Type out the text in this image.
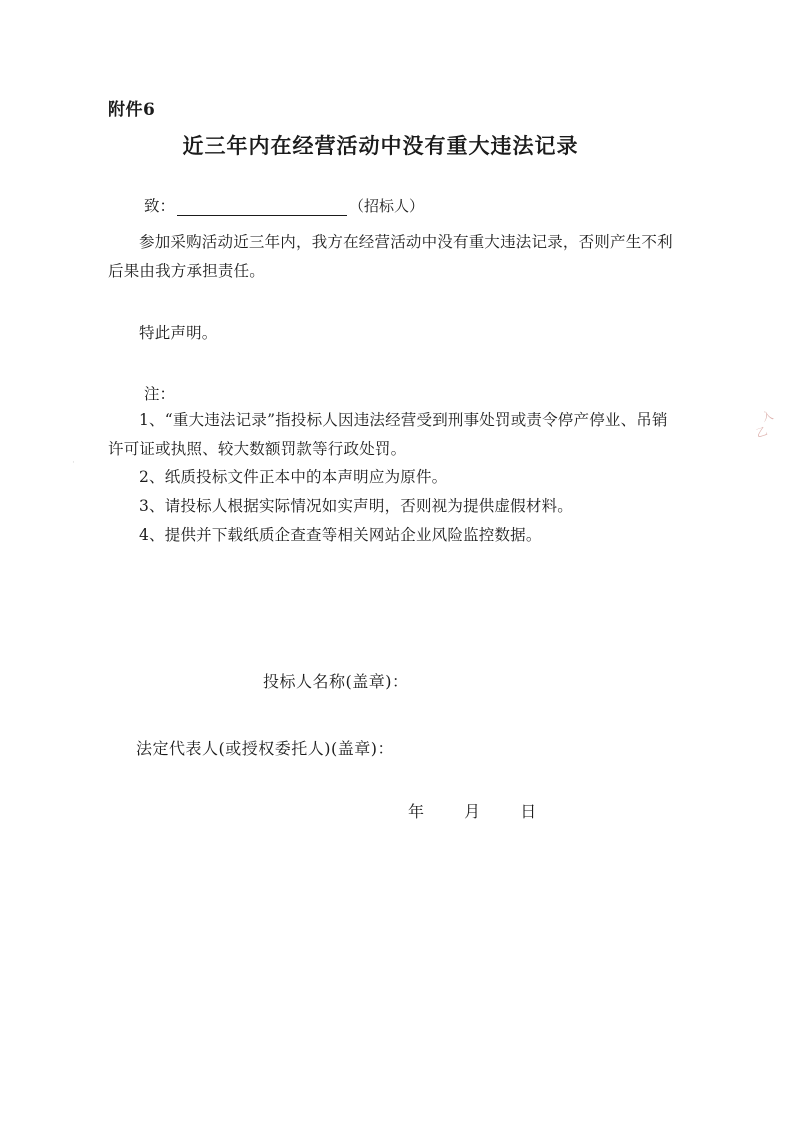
附件6
近三年内在经营活动中没有重大违法记录
致：	（招标人）

参加采购活动近三年内，我方在经营活动中没有重大违法记录，否则产生不利后果由我方承担责任。

特此声明。

注：

1、“重大违法记录”指投标人因违法经营受到刑事处罚或责令停产停业、吊销许可证或执照、较大数额罚款等行政处罚。

2、纸质投标文件正本中的本声明应为原件。

3、请投标人根据实际情况如实声明，否则视为提供虚假材料。

4、提供并下载纸质企查查等相关网站企业风险监控数据。

投标人名称(盖章)：
法定代表人(或授权委托人)(盖章)：
年 月 日
入
乙
·
